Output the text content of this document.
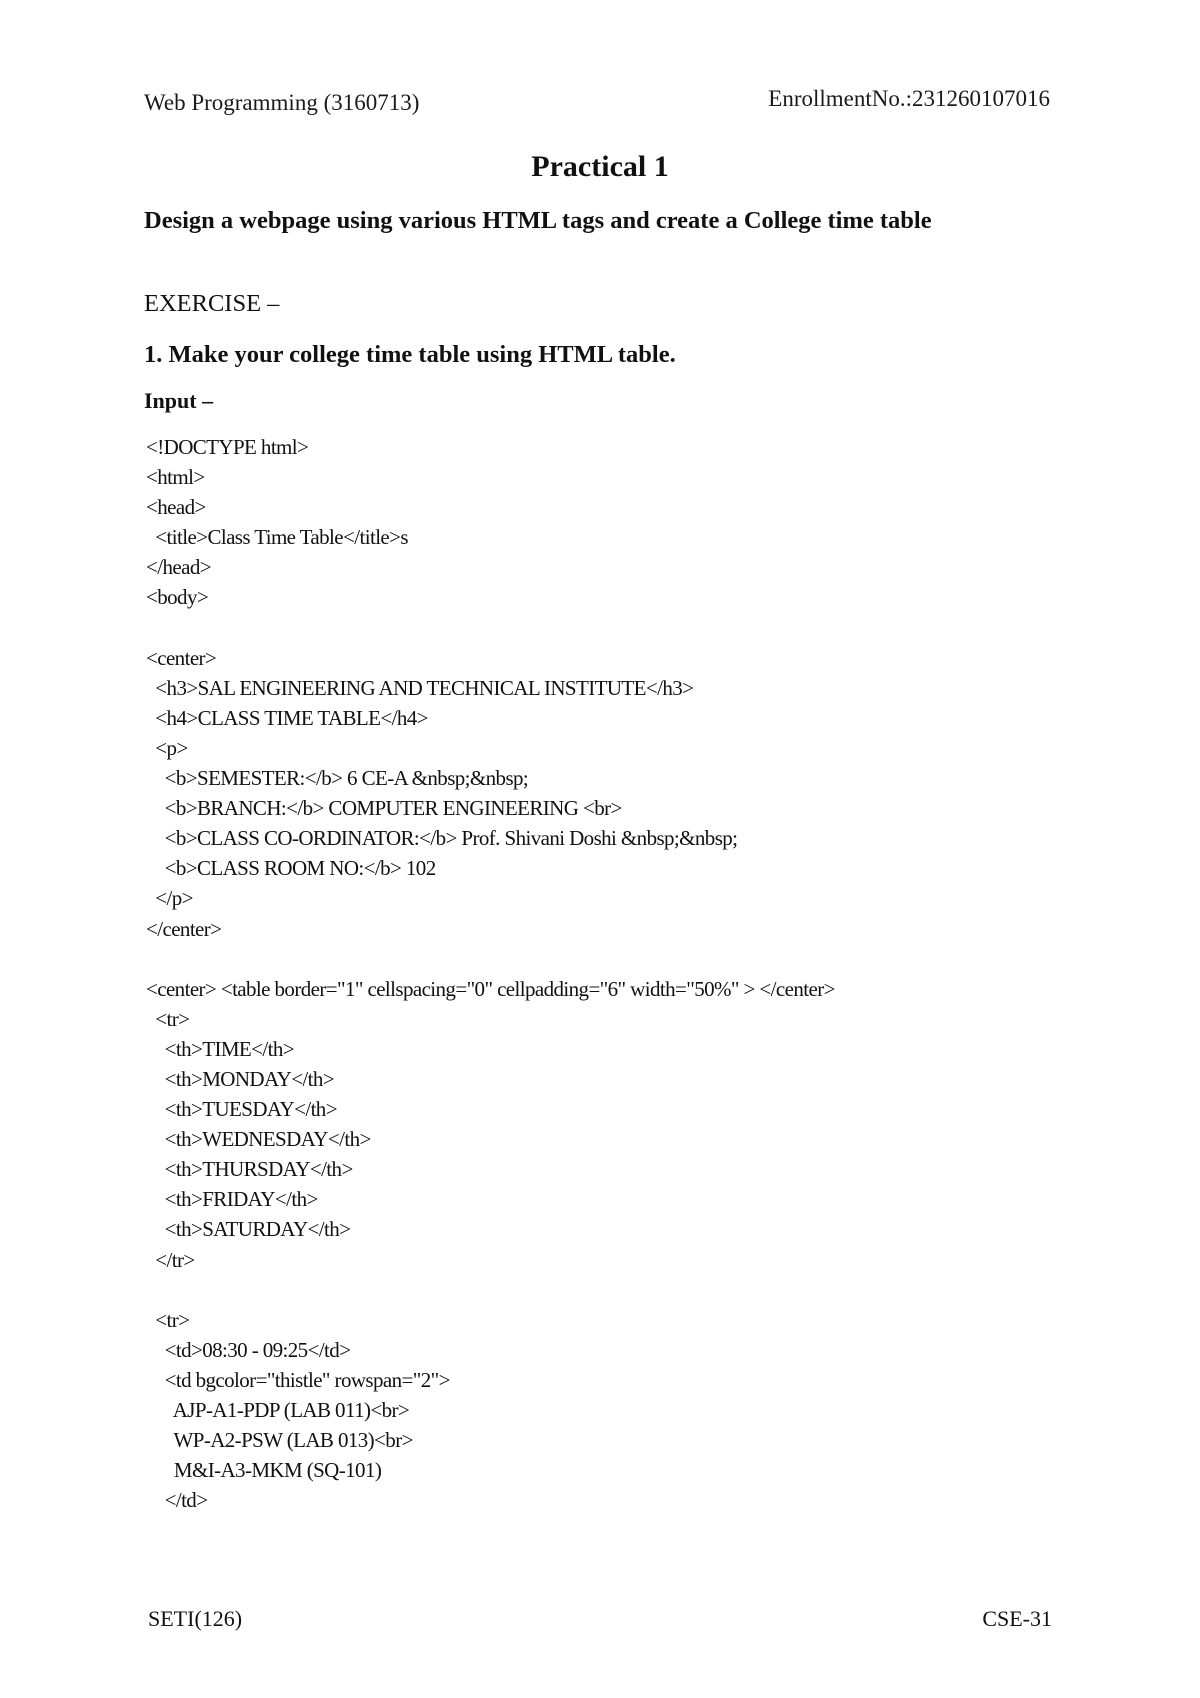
Web Programming (3160713)	EnrollmentNo.:231260107016
Practical 1
Design a webpage using various HTML tags and create a College time table
EXERCISE –
1. Make your college time table using HTML table.
Input –
<!DOCTYPE html>
<html>
<head>
<title>Class Time Table</title>s
</head>
<body>
<center>
<h3>SAL ENGINEERING AND TECHNICAL INSTITUTE</h3>
<h4>CLASS TIME TABLE</h4>
<p>
<b>SEMESTER:</b> 6 CE-A &nbsp;&nbsp;
<b>BRANCH:</b> COMPUTER ENGINEERING <br>
<b>CLASS CO-ORDINATOR:</b> Prof. Shivani Doshi &nbsp;&nbsp;
<b>CLASS ROOM NO:</b> 102
</p>
</center>
<center> <table border="1" cellspacing="0" cellpadding="6" width="50%" > </center>
<tr>
<th>TIME</th>
<th>MONDAY</th>
<th>TUESDAY</th>
<th>WEDNESDAY</th>
<th>THURSDAY</th>
<th>FRIDAY</th>
<th>SATURDAY</th>
</tr>
<tr>
<td>08:30 - 09:25</td>
<td bgcolor="thistle" rowspan="2">
AJP-A1-PDP (LAB 011)<br>
WP-A2-PSW (LAB 013)<br>
M&I-A3-MKM (SQ-101)
</td>
SETI(126)	CSE-31
